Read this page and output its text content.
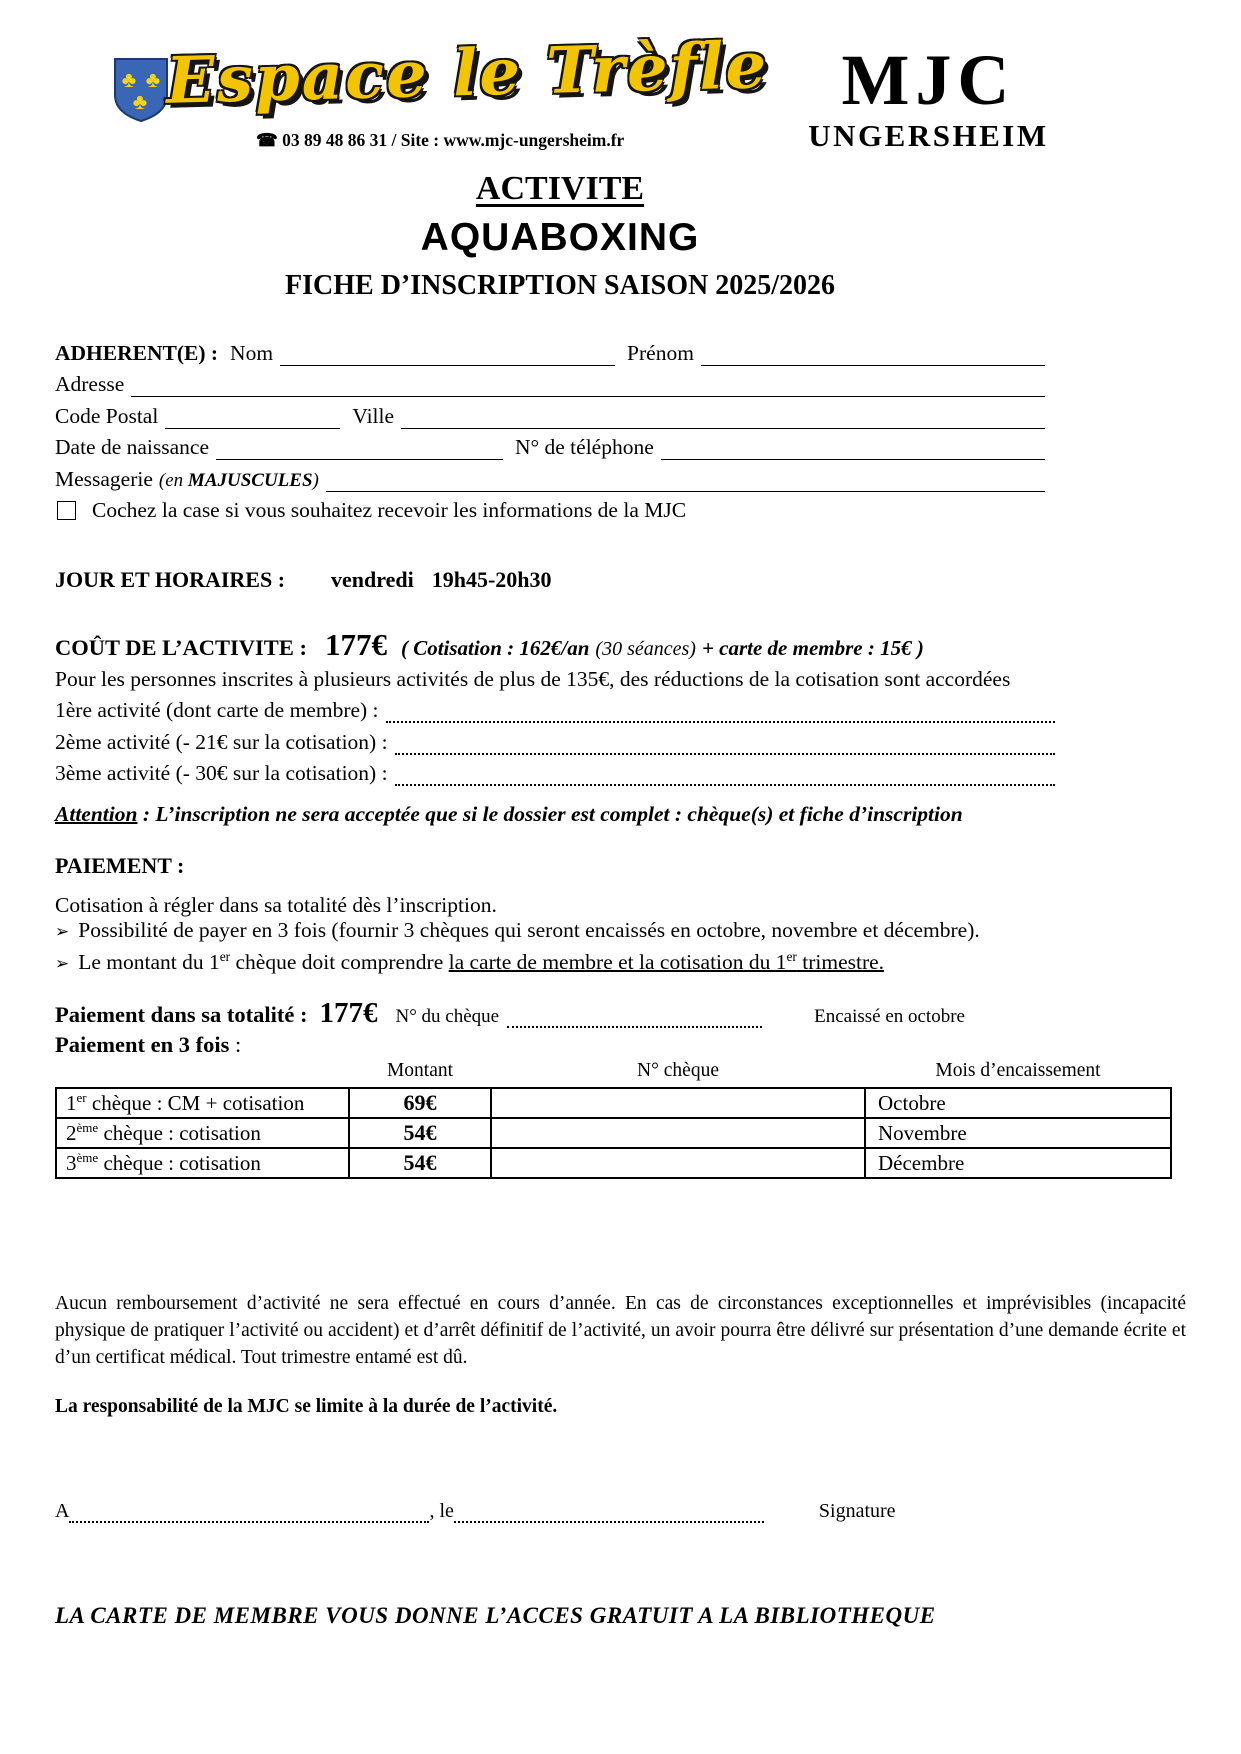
♣ ♣
♣ Espace le Trèfle
☎ 03 89 48 86 31 / Site : www.mjc-ungersheim.fr
MJC
UNGERSHEIM
ACTIVITE
AQUABOXING
FICHE D’INSCRIPTION SAISON 2025/2026
ADHERENT(E) : Nom	Prénom
Adresse
Code Postal	Ville
Date de naissance	N° de téléphone
Messagerie (en MAJUSCULES)
Cochez la case si vous souhaitez recevoir les informations de la MJC
JOUR ET HORAIRES : vendredi 19h45-20h30
COÛT DE L’ACTIVITE : 177€ ( Cotisation : 162€/an (30 séances) + carte de membre : 15€ )
Pour les personnes inscrites à plusieurs activités de plus de 135€, des réductions de la cotisation sont accordées
1ère activité (dont carte de membre) :
2ème activité (- 21€ sur la cotisation) :
3ème activité (- 30€ sur la cotisation) :
Attention : L’inscription ne sera acceptée que si le dossier est complet : chèque(s) et fiche d’inscription
PAIEMENT :
Cotisation à régler dans sa totalité dès l’inscription.
➢ Possibilité de payer en 3 fois (fournir 3 chèques qui seront encaissés en octobre, novembre et décembre).
➢ Le montant du 1er chèque doit comprendre la carte de membre et la cotisation du 1er trimestre.
Paiement dans sa totalité : 177€ N° du chèque	Encaissé en octobre
Paiement en 3 fois :
	Montant	N° chèque	Mois d’encaissement
1er chèque : CM + cotisation	69€		Octobre
2ème chèque : cotisation	54€		Novembre
3ème chèque : cotisation	54€		Décembre
Aucun remboursement d’activité ne sera effectué en cours d’année. En cas de circonstances exceptionnelles et imprévisibles (incapacité physique de pratiquer l’activité ou accident) et d’arrêt définitif de l’activité, un avoir pourra être délivré sur présentation d’une demande écrite et d’un certificat médical. Tout trimestre entamé est dû.
La responsabilité de la MJC se limite à la durée de l’activité.
A	, le	Signature
LA CARTE DE MEMBRE VOUS DONNE L’ACCES GRATUIT A LA BIBLIOTHEQUE
